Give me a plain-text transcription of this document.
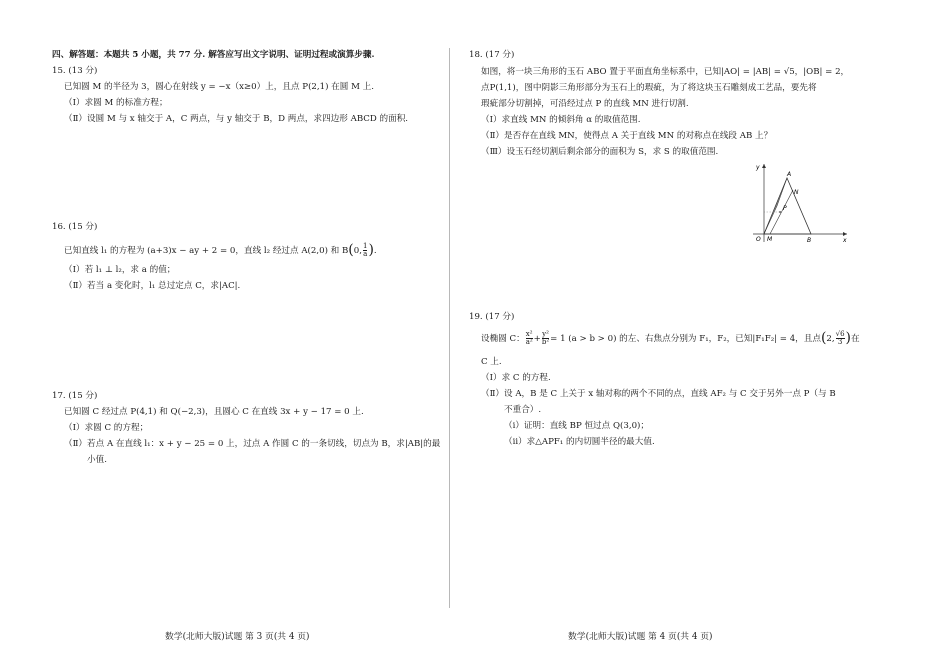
四、解答题：本题共 5 小题，共 77 分. 解答应写出文字说明、证明过程或演算步骤.
15. (13 分)
已知圆 M 的半径为 3，圆心在射线 y = −x（x≥0）上，且点 P(2,1) 在圆 M 上.
（Ⅰ）求圆 M 的标准方程；
（Ⅱ）设圆 M 与 x 轴交于 A，C 两点，与 y 轴交于 B，D 两点，求四边形 ABCD 的面积.
16. (15 分)
已知直线 l₁ 的方程为 (a+3)x − ay + 2 = 0，直线 l₂ 经过点 A(2,0) 和 B(0, $\frac{1}{a}$ ).
（Ⅰ）若 l₁ ⊥ l₂，求 a 的值；
（Ⅱ）若当 a 变化时，l₁ 总过定点 C，求|AC|.
17. (15 分)
已知圆 C 经过点 P(4,1) 和 Q(−2,3)，且圆心 C 在直线 3x + y − 17 = 0 上.
（Ⅰ）求圆 C 的方程；
（Ⅱ）若点 A 在直线 l₁：x + y − 25 = 0 上，过点 A 作圆 C 的一条切线，切点为 B，求|AB|的最
小值.
数学(北师大版)试题 第 3 页(共 4 页)
18. (17 分)
如图，将一块三角形的玉石 ABO 置于平面直角坐标系中，已知|AO| = |AB| = √5，|OB| = 2，
点P(1,1)，图中阴影三角形部分为玉石上的瑕疵，为了将这块玉石雕刻成工艺品，要先将
瑕疵部分切割掉，可沿经过点 P 的直线 MN 进行切割.
（Ⅰ）求直线 MN 的倾斜角 α 的取值范围.
（Ⅱ）是否存在直线 MN，使得点 A 关于直线 MN 的对称点在线段 AB 上？
（Ⅲ）设玉石经切割后剩余部分的面积为 S，求 S 的取值范围.
y
x
O M	B
A
N
P
19. (17 分)
设椭圆 C： $\frac{\text{x²}}{\text{a²}} + \frac{\text{y²}}{\text{b²}} = 1$ (a > b > 0) 的左、右焦点分别为 F₁，F₂，已知|F₁F₂| = 4，且点(2, $\frac{√6}{3}$ )在
C 上.
（Ⅰ）求 C 的方程.
（Ⅱ）设 A，B 是 C 上关于 x 轴对称的两个不同的点，直线 AF₂ 与 C 交于另外一点 P（与 B
不重合）.
（ⅰ）证明：直线 BP 恒过点 Q(3,0)；
（ⅱ）求△APF₁ 的内切圆半径的最大值.
数学(北师大版)试题 第 4 页(共 4 页)
